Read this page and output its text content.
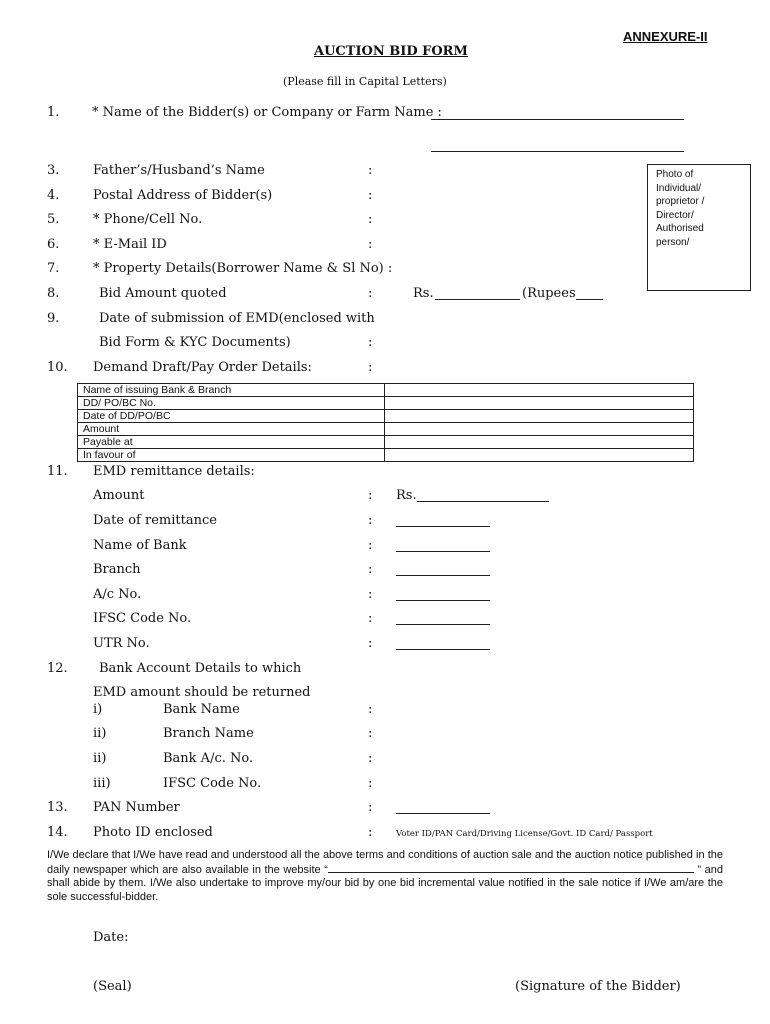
ANNEXURE-II
AUCTION BID FORM
(Please fill in Capital Letters)
1.	* Name of the Bidder(s) or Company or Farm Name :
Photo of
Individual/
proprietor /
Director/
Authorised
person/
3.	Father’s/Husband’s Name	:
4.	Postal Address of Bidder(s)	:
5.	* Phone/Cell No.	:
6.	* E-Mail ID	:
7.	* Property Details(Borrower Name & Sl No) :
8.	Bid Amount quoted	:	Rs.	(Rupees
9.	Date of submission of EMD(enclosed with
Bid Form & KYC Documents)	:
10. Demand Draft/Pay Order Details:	:
Name of issuing Bank & Branch	
DD/ PO/BC No.	
Date of DD/PO/BC	
Amount	
Payable at	
In favour of	
11. EMD remittance details:
Amount	: Rs.
Date of remittance	:
Name of Bank	:
Branch	:
A/c No.	:
IFSC Code No.	:
UTR No.	:
12. Bank Account Details to which
EMD amount should be returned
i)	Bank Name	:
ii)	Branch Name	:
ii)	Bank A/c. No.	:
iii)	IFSC Code No.	:
13. PAN Number	:
14. Photo ID enclosed	:	Voter ID/PAN Card/Driving License/Govt. ID Card/ Passport
I/We declare that I/We have read and understood all the above terms and conditions of auction sale and the auction notice published in the daily newspaper which are also available in the website “	” and shall abide by them. I/We also undertake to improve my/our bid by one bid incremental value notified in the sale notice if I/We am/are the sole successful-bidder.
Date:
(Seal)	(Signature of the Bidder)
